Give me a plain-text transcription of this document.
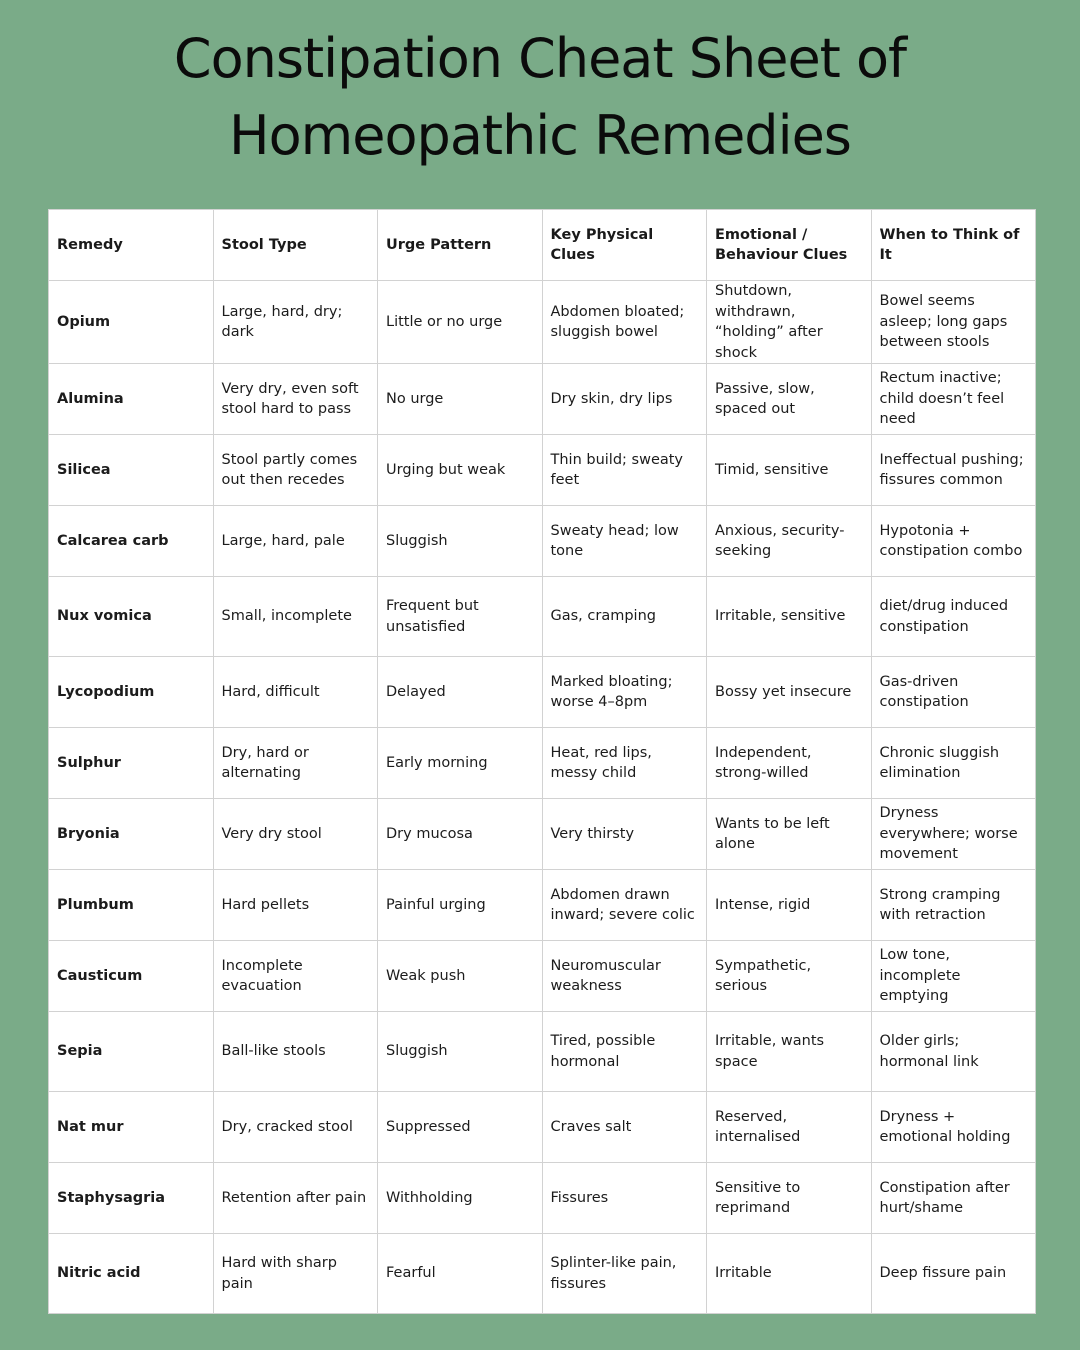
Constipation Cheat Sheet of
Homeopathic Remedies
Remedy	Stool Type	Urge Pattern	Key Physical Clues	Emotional / Behaviour Clues	When to Think of It
Opium	Large, hard, dry; dark	Little or no urge	Abdomen bloated; sluggish bowel	Shutdown, withdrawn, “holding” after shock	Bowel seems asleep; long gaps between stools
Alumina	Very dry, even soft stool hard to pass	No urge	Dry skin, dry lips	Passive, slow, spaced out	Rectum inactive; child doesn’t feel need
Silicea	Stool partly comes out then recedes	Urging but weak	Thin build; sweaty feet	Timid, sensitive	Ineffectual pushing; fissures common
Calcarea carb	Large, hard, pale	Sluggish	Sweaty head; low tone	Anxious, security-seeking	Hypotonia + constipation combo
Nux vomica	Small, incomplete	Frequent but unsatisfied	Gas, cramping	Irritable, sensitive	diet/drug induced constipation
Lycopodium	Hard, difficult	Delayed	Marked bloating; worse 4–8pm	Bossy yet insecure	Gas-driven constipation
Sulphur	Dry, hard or alternating	Early morning	Heat, red lips, messy child	Independent, strong-willed	Chronic sluggish elimination
Bryonia	Very dry stool	Dry mucosa	Very thirsty	Wants to be left alone	Dryness everywhere; worse movement
Plumbum	Hard pellets	Painful urging	Abdomen drawn inward; severe colic	Intense, rigid	Strong cramping with retraction
Causticum	Incomplete evacuation	Weak push	Neuromuscular weakness	Sympathetic, serious	Low tone, incomplete emptying
Sepia	Ball-like stools	Sluggish	Tired, possible hormonal	Irritable, wants space	Older girls; hormonal link
Nat mur	Dry, cracked stool	Suppressed	Craves salt	Reserved, internalised	Dryness + emotional holding
Staphysagria	Retention after pain	Withholding	Fissures	Sensitive to reprimand	Constipation after hurt/shame
Nitric acid	Hard with sharp pain	Fearful	Splinter-like pain, fissures	Irritable	Deep fissure pain
